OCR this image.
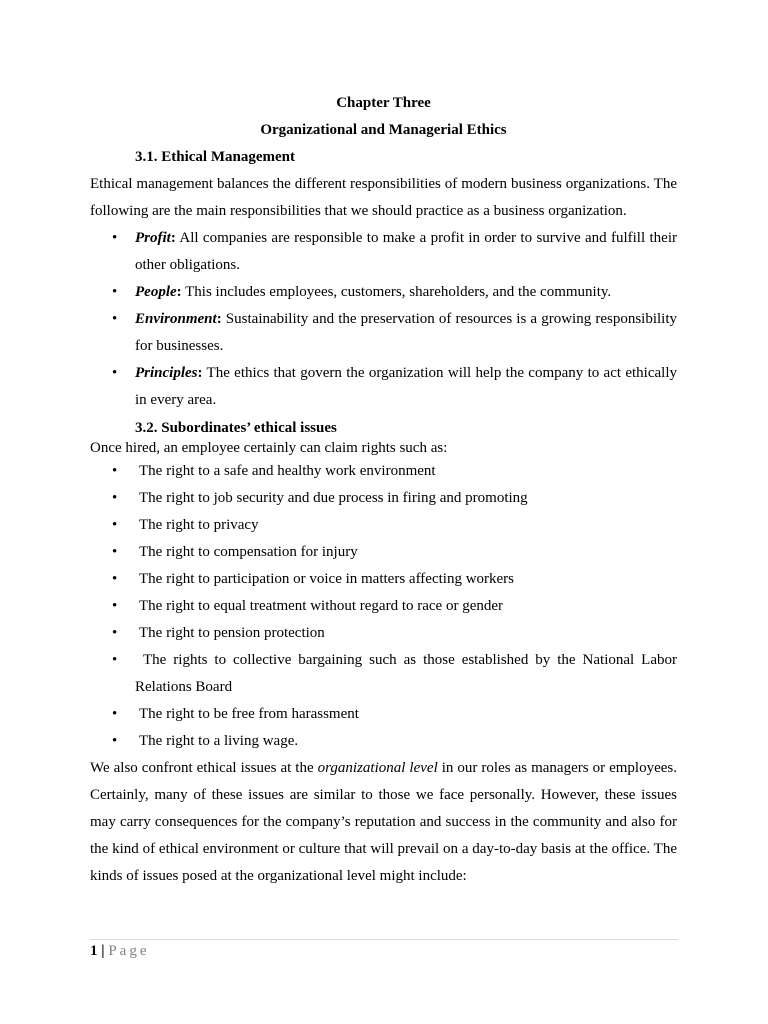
Chapter Three
Organizational and Managerial Ethics
3.1. Ethical Management

Ethical management balances the different responsibilities of modern business organizations. The following are the main responsibilities that we should practice as a business organization.

• Profit: All companies are responsible to make a profit in order to survive and fulfill their other obligations.
• People: This includes employees, customers, shareholders, and the community.
• Environment: Sustainability and the preservation of resources is a growing responsibility for businesses.
• Principles: The ethics that govern the organization will help the company to act ethically in every area.
3.2. Subordinates’ ethical issues

Once hired, an employee certainly can claim rights such as:

• The right to a safe and healthy work environment
• The right to job security and due process in firing and promoting
• The right to privacy
• The right to compensation for injury
• The right to participation or voice in matters affecting workers
• The right to equal treatment without regard to race or gender
• The right to pension protection
• The rights to collective bargaining such as those established by the National Labor Relations Board
• The right to be free from harassment
• The right to a living wage.

We also confront ethical issues at the organizational level in our roles as managers or employees. Certainly, many of these issues are similar to those we face personally. However, these issues may carry consequences for the company’s reputation and success in the community and also for the kind of ethical environment or culture that will prevail on a day-to-day basis at the office. The kinds of issues posed at the organizational level might include:

1 | Page
